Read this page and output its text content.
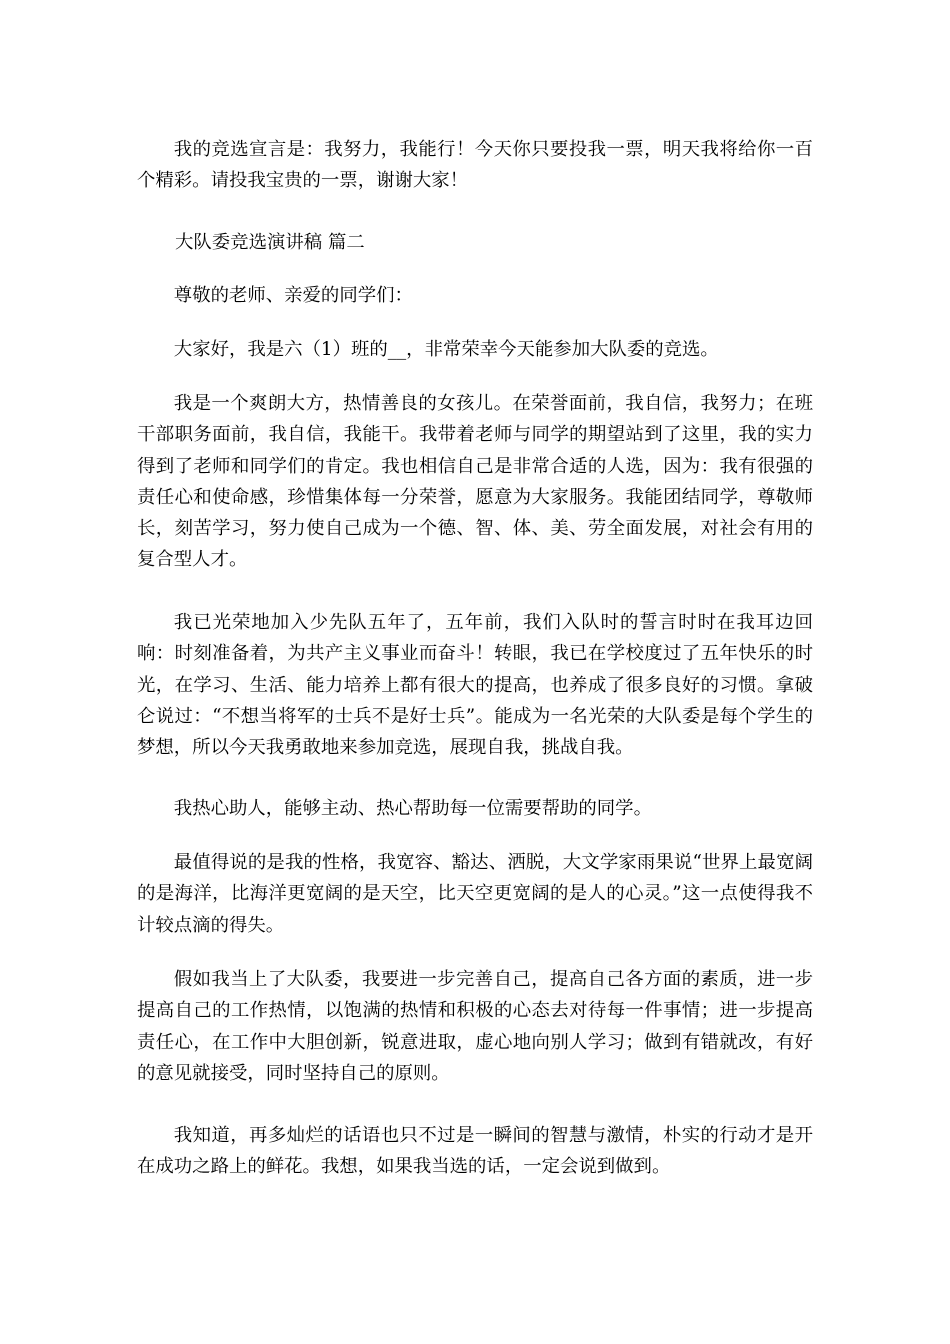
我的竞选宣言是：我努力，我能行！今天你只要投我一票，明天我将给你一百个精彩。请投我宝贵的一票，谢谢大家！

大队委竞选演讲稿 篇二

尊敬的老师、亲爱的同学们：

大家好，我是六（1）班的__，非常荣幸今天能参加大队委的竞选。

我是一个爽朗大方，热情善良的女孩儿。在荣誉面前，我自信，我努力；在班干部职务面前，我自信，我能干。我带着老师与同学的期望站到了这里，我的实力得到了老师和同学们的肯定。我也相信自己是非常合适的人选，因为：我有很强的责任心和使命感，珍惜集体每一分荣誉，愿意为大家服务。我能团结同学，尊敬师长，刻苦学习，努力使自己成为一个德、智、体、美、劳全面发展，对社会有用的复合型人才。

我已光荣地加入少先队五年了，五年前，我们入队时的誓言时时在我耳边回响：时刻准备着，为共产主义事业而奋斗！转眼，我已在学校度过了五年快乐的时光，在学习、生活、能力培养上都有很大的提高，也养成了很多良好的习惯。拿破仑说过：“不想当将军的士兵不是好士兵”。能成为一名光荣的大队委是每个学生的梦想，所以今天我勇敢地来参加竞选，展现自我，挑战自我。

我热心助人，能够主动、热心帮助每一位需要帮助的同学。

最值得说的是我的性格，我宽容、豁达、洒脱，大文学家雨果说“世界上最宽阔的是海洋，比海洋更宽阔的是天空，比天空更宽阔的是人的心灵。”这一点使得我不计较点滴的得失。

假如我当上了大队委，我要进一步完善自己，提高自己各方面的素质，进一步提高自己的工作热情，以饱满的热情和积极的心态去对待每一件事情；进一步提高责任心，在工作中大胆创新，锐意进取，虚心地向别人学习；做到有错就改，有好的意见就接受，同时坚持自己的原则。

我知道，再多灿烂的话语也只不过是一瞬间的智慧与激情，朴实的行动才是开在成功之路上的鲜花。我想，如果我当选的话，一定会说到做到。
